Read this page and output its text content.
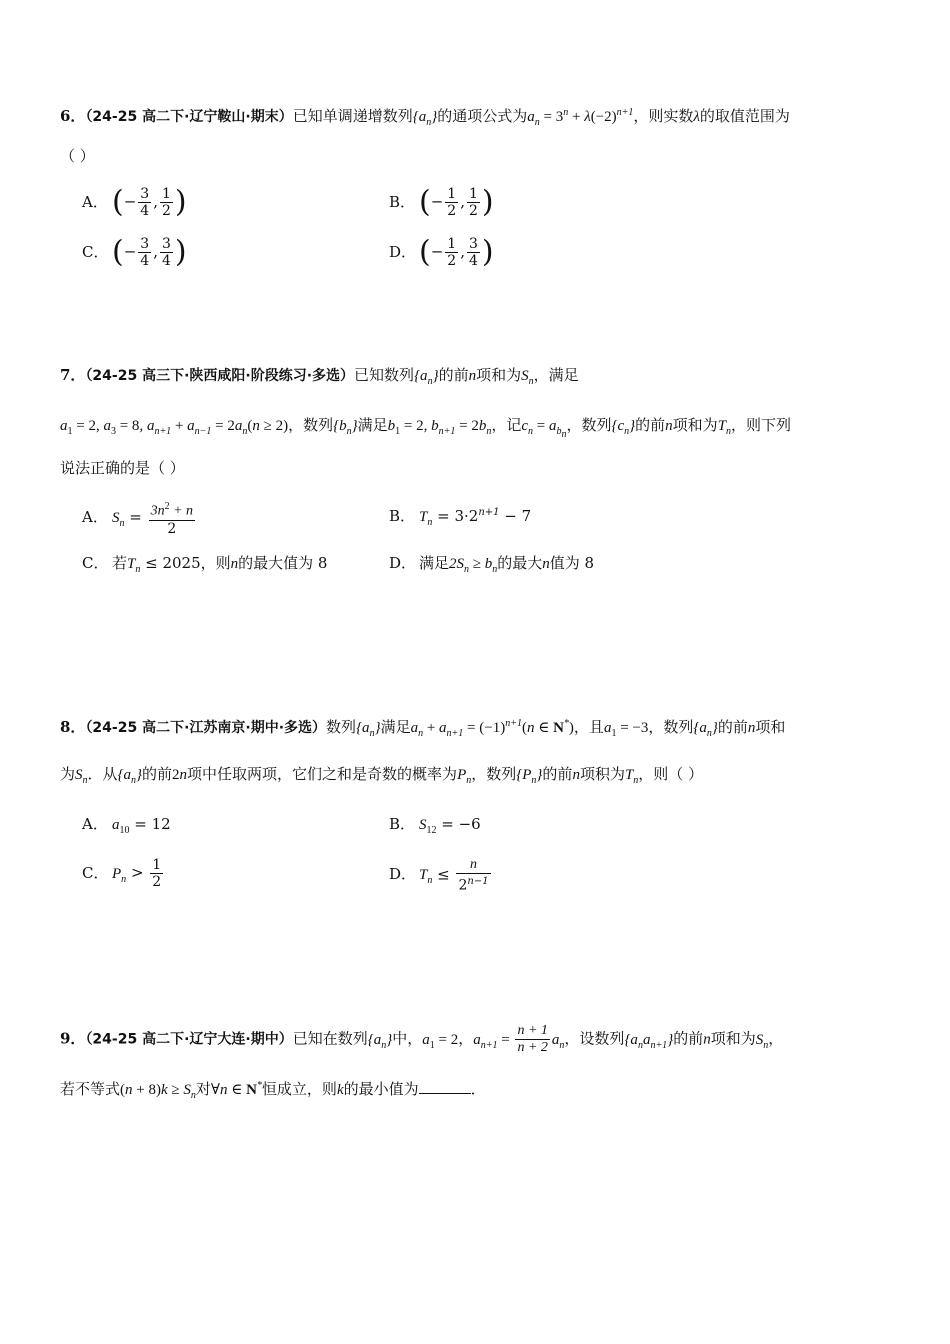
6．（24-25 高二下·辽宁鞍山·期末）已知单调递增数列$\{a_n\}$的通项公式为$a_n = 3^n + \lambda(-2)^{n+1}$，则实数λ的取值范围为
（ ）
A． (− $\frac{3}{4}$ , $\frac{1}{2}$ )	B． (− $\frac{1}{2}$ , $\frac{1}{2}$ )
C． (− $\frac{3}{4}$ , $\frac{3}{4}$ )	D．(− $\frac{1}{2}$ , $\frac{3}{4}$ )
7．（24-25 高三下·陕西咸阳·阶段练习·多选）已知数列$\{a_n\}$的前n项和为$S_n$，满足
$a_1 = 2$, $a_3 = 8$, $a_{n+1} + a_{n-1} = 2a_n(n \ge 2)$，数列$\{b_n\}$满足$b_1 = 2$, $b_{n+1} = 2b_n$，记$c_n = a_{b_n}$，数列$\{c_n\}$的前n项和为$T_n$，则下列
说法正确的是（ ）
A． $S_n = \frac{3n^2 + n}{2}$	B． $T_n = 3\cdot 2^{n+1} - 7$
C． 若$T_n \le 2025$，则n的最大值为 8	D． 满足$2S_n \ge b_n$的最大n值为 8
8．（24-25 高二下·江苏南京·期中·多选）数列$\{a_n\}$满足$a_n + a_{n+1} = (-1)^{n+1}(n$ ∈ N*)，且$a_1 = -3$，数列$\{a_n\}$的前n项和
为$S_n$．从$\{a_n\}$的前2n项中任取两项，它们之和是奇数的概率为$P_n$，数列$\{P_n\}$的前n项积为$T_n$，则（ ）
A． $a_{10} = 12$	B． $S_{12} = -6$
C． $P_n > \frac{1}{2}$	D． $T_n \le \frac{n}{2^{n-1}}$
9．（24-25 高二下·辽宁大连·期中）已知在数列$\{a_n\}$中，$a_1 = 2$，$a_{n+1} = \frac{n + 1}{n + 2} a_n$，设数列$\{a_na_{n+1}\}$的前n项和为$S_n$，
若不等式$(n + 8)k \ge S_n$对∀n ∈ N*恒成立，则k的最小值为	．
